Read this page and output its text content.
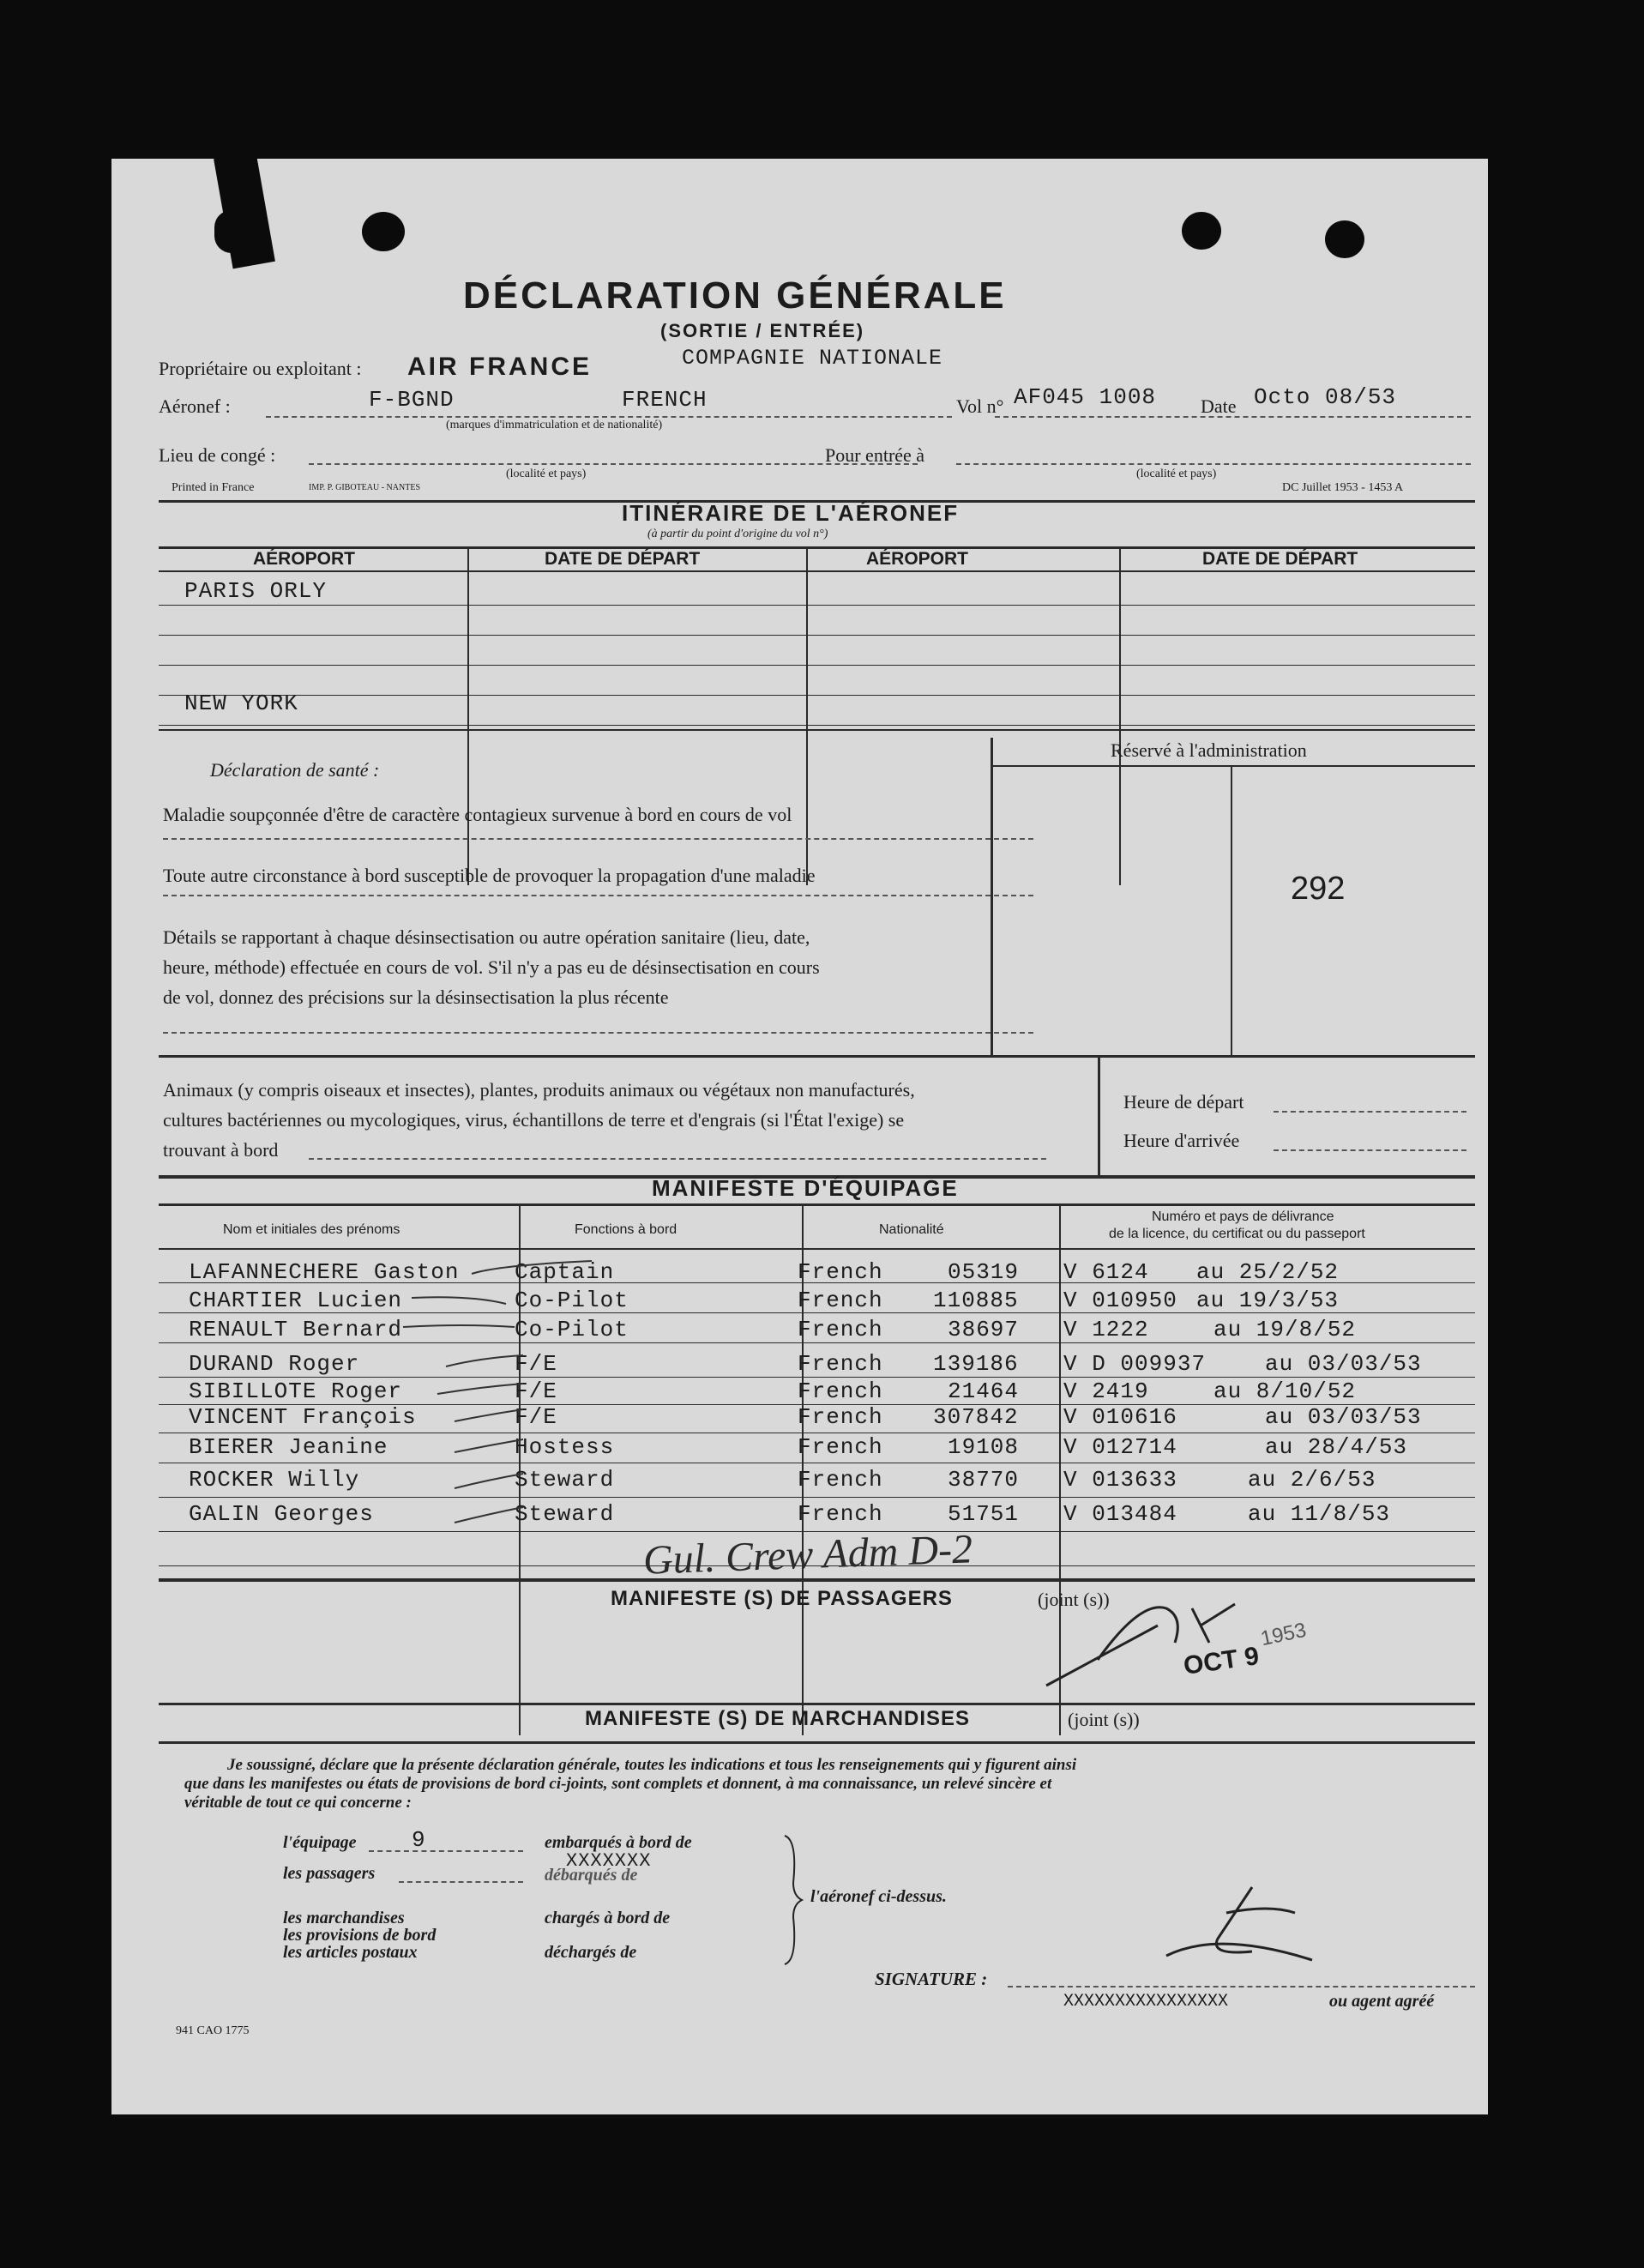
DÉCLARATION GÉNÉRALE
(SORTIE / ENTRÉE)
Propriétaire ou exploitant : AIR FRANCE	COMPAGNIE NATIONALE
Aéronef :	F-BGND	FRENCH
(marques d'immatriculation et de nationalité)
Vol n° AF045 1008 Date Octo 08/53
Lieu de congé :
(localité et pays)
Pour entrée à
(localité et pays)
Printed in France	IMP. P. GIBOTEAU - NANTES	DC Juillet 1953 - 1453 A
ITINÉRAIRE DE L'AÉRONEF
(à partir du point d'origine du vol n°)
AÉROPORT	DATE DE DÉPART	AÉROPORT	DATE DE DÉPART
PARIS ORLY
NEW YORK
Déclaration de santé :
Maladie soupçonnée d'être de caractère contagieux survenue à bord en cours de vol
Toute autre circonstance à bord susceptible de provoquer la propagation d'une maladie
Détails se rapportant à chaque désinsectisation ou autre opération sanitaire (lieu, date,
heure, méthode) effectuée en cours de vol. S'il n'y a pas eu de désinsectisation en cours
de vol, donnez des précisions sur la désinsectisation la plus récente
Réservé à l'administration
292
Animaux (y compris oiseaux et insectes), plantes, produits animaux ou végétaux non manufacturés,
cultures bactériennes ou mycologiques, virus, échantillons de terre et d'engrais (si l'État l'exige) se
trouvant à bord
Heure de départ
Heure d'arrivée
MANIFESTE D'ÉQUIPAGE
Nom et initiales des prénoms	Fonctions à bord	Nationalité
Numéro et pays de délivrance
de la licence, du certificat ou du passeport
LAFANNECHERE Gaston Captain	French	05319 V 6124 au 25/2/52
CHARTIER Lucien	Co-Pilot	French 110885 V 010950 au 19/3/53
RENAULT Bernard	Co-Pilot	French	38697 V 1222	au 19/8/52
DURAND Roger	F/E	French 139186 V D 009937	au 03/03/53
SIBILLOTE Roger	F/E	French	21464 V 2419	au 8/10/52
VINCENT François	F/E	French 307842 V 010616	au 03/03/53
BIERER Jeanine	Hostess	French	19108 V 012714	au 28/4/53
ROCKER Willy	Steward	French	38770 V 013633	au 2/6/53
GALIN Georges	Steward	French	51751 V 013484	au 11/8/53
Gul. Crew Adm D-2
MANIFESTE (S) DE PASSAGERS	(joint (s))
OCT 9
1953
MANIFESTE (S) DE MARCHANDISES	(joint (s))
Je soussigné, déclare que la présente déclaration générale, toutes les indications et tous les renseignements qui y figurent ainsi
que dans les manifestes ou états de provisions de bord ci-joints, sont complets et donnent, à ma connaissance, un relevé sincère et
véritable de tout ce qui concerne :
l'équipage 9
les passagers
embarqués à bord de
XXXXXXX
débarqués de
les marchandises
les provisions de bord
les articles postaux
chargés à bord de
déchargés de
l'aéronef ci-dessus.
SIGNATURE :
XXXXXXXXXXXXXXXX	ou agent agréé
941 CAO 1775
